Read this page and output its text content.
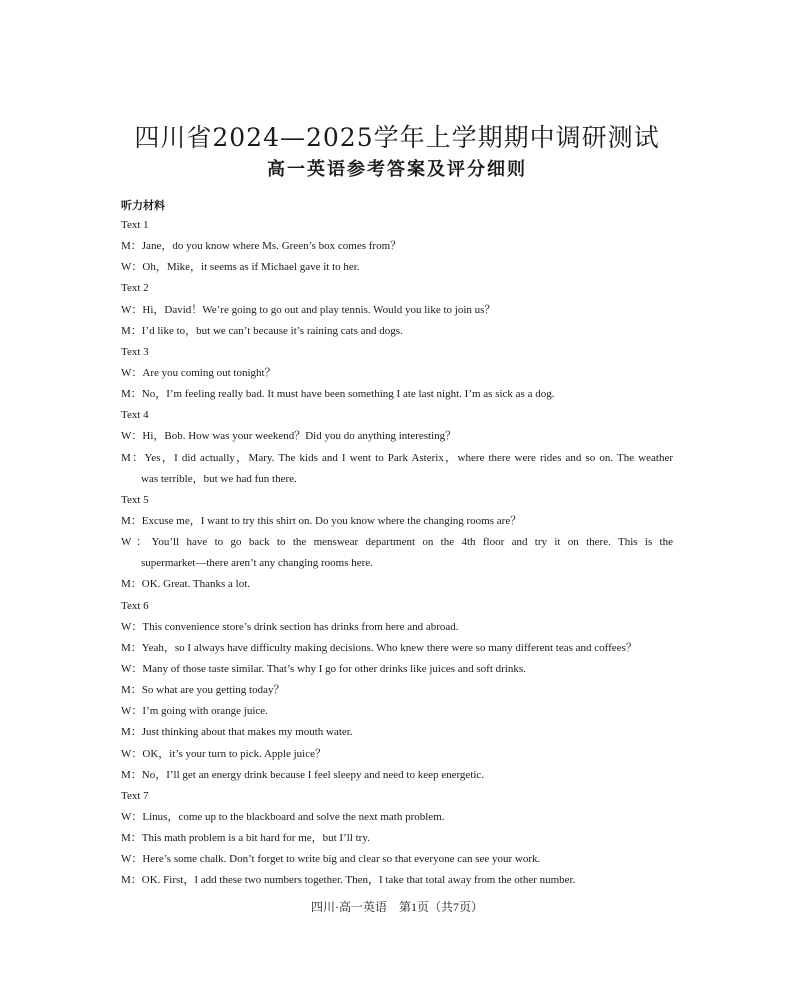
四川省2024—2025学年上学期期中调研测试
高一英语参考答案及评分细则
听力材料
Text 1
M：Jane，do you know where Ms. Green’s box comes from？
W：Oh，Mike，it seems as if Michael gave it to her.
Text 2
W：Hi，David！We’re going to go out and play tennis. Would you like to join us？
M：I’d like to，but we can’t because it’s raining cats and dogs.
Text 3
W：Are you coming out tonight？
M：No，I’m feeling really bad. It must have been something I ate last night. I’m as sick as a dog.
Text 4
W：Hi，Bob. How was your weekend？Did you do anything interesting？
M：Yes，I did actually，Mary. The kids and I went to Park Asterix，where there were rides and so on. The weather
was terrible，but we had fun there.
Text 5
M：Excuse me，I want to try this shirt on. Do you know where the changing rooms are？
W：You’ll have to go back to the menswear department on the 4th floor and try it on there. This is the
supermarket—there aren’t any changing rooms here.
M：OK. Great. Thanks a lot.
Text 6
W：This convenience store’s drink section has drinks from here and abroad.
M：Yeah，so I always have difficulty making decisions. Who knew there were so many different teas and coffees？
W：Many of those taste similar. That’s why I go for other drinks like juices and soft drinks.
M：So what are you getting today？
W：I’m going with orange juice.
M：Just thinking about that makes my mouth water.
W：OK，it’s your turn to pick. Apple juice？
M：No，I’ll get an energy drink because I feel sleepy and need to keep energetic.
Text 7
W：Linus，come up to the blackboard and solve the next math problem.
M：This math problem is a bit hard for me，but I’ll try.
W：Here’s some chalk. Don’t forget to write big and clear so that everyone can see your work.
M：OK. First，I add these two numbers together. Then，I take that total away from the other number.
四川·高一英语　第1页（共7页）
